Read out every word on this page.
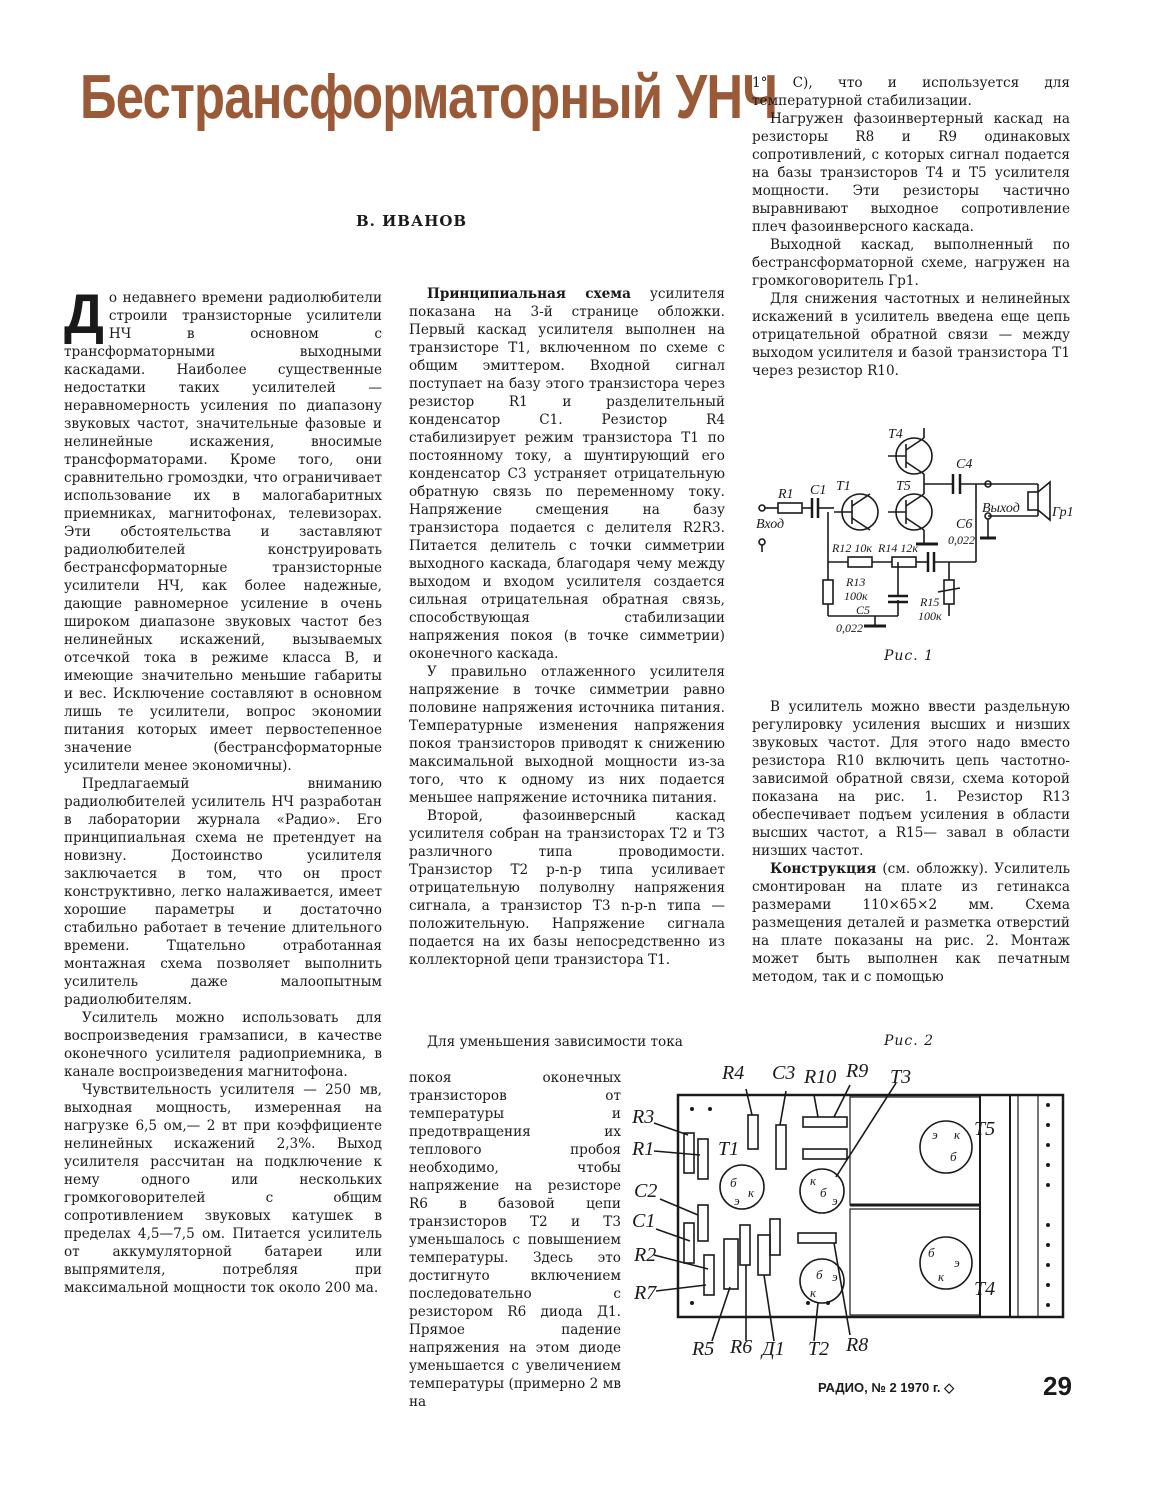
Бестрансформаторный УНЧ
В. ИВАНОВ

До недавнего времени радиолюбители строили транзисторные усилители НЧ в основном с трансформаторными выходными каскадами. Наиболее существенные недостатки таких усилителей — неравномерность усиления по диапазону звуковых частот, значительные фазовые и нелинейные искажения, вносимые трансформаторами. Кроме того, они сравнительно громоздки, что ограничивает использование их в малогабаритных приемниках, магнитофонах, телевизорах. Эти обстоятельства и заставляют радиолюбителей конструировать бестрансформаторные транзисторные усилители НЧ, как более надежные, дающие равномерное усиление в очень широком диапазоне звуковых частот без нелинейных искажений, вызываемых отсечкой тока в режиме класса В, и имеющие значительно меньшие габариты и вес. Исключение составляют в основном лишь те усилители, вопрос экономии питания которых имеет первостепенное значение (бестрансформаторные усилители менее экономичны).

Предлагаемый вниманию радиолюбителей усилитель НЧ разработан в лаборатории журнала «Радио». Его принципиальная схема не претендует на новизну. Достоинство усилителя заключается в том, что он прост конструктивно, легко налаживается, имеет хорошие параметры и достаточно стабильно работает в течение длительного времени. Тщательно отработанная монтажная схема позволяет выполнить усилитель даже малоопытным радиолюбителям.

Усилитель можно использовать для воспроизведения грамзаписи, в качестве оконечного усилителя радиоприемника, в канале воспроизведения магнитофона.

Чувствительность усилителя — 250 мв, выходная мощность, измеренная на нагрузке 6,5 ом,— 2 вт при коэффициенте нелинейных искажений 2,3%. Выход усилителя рассчитан на подключение к нему одного или нескольких громкоговорителей с общим сопротивлением звуковых катушек в пределах 4,5—7,5 ом. Питается усилитель от аккумуляторной батареи или выпрямителя, потребляя при максимальной мощности ток около 200 ма.

Принципиальная схема усилителя показана на 3-й странице обложки. Первый каскад усилителя выполнен на транзисторе T1, включенном по схеме с общим эмиттером. Входной сигнал поступает на базу этого транзистора через резистор R1 и разделительный конденсатор C1. Резистор R4 стабилизирует режим транзистора T1 по постоянному току, а шунтирующий его конденсатор C3 устраняет отрицательную обратную связь по переменному току. Напряжение смещения на базу транзистора подается с делителя R2R3. Питается делитель с точки симметрии выходного каскада, благодаря чему между выходом и входом усилителя создается сильная отрицательная обратная связь, способствующая стабилизации напряжения покоя (в точке симметрии) оконечного каскада.

У правильно отлаженного усилителя напряжение в точке симметрии равно половине напряжения источника питания. Температурные изменения напряжения покоя транзисторов приводят к снижению максимальной выходной мощности из-за того, что к одному из них подается меньшее напряжение источника питания.

Второй, фазоинверсный каскад усилителя собран на транзисторах T2 и T3 различного типа проводимости. Транзистор T2 p-n-p типа усиливает отрицательную полуволну напряжения сигнала, а транзистор T3 n-p-n типа — положительную. Напряжение сигнала подается на их базы непосредственно из коллекторной цепи транзистора T1.

Для уменьшения зависимости тока

покоя оконечных транзисторов от температуры и предотвращения их теплового пробоя необходимо, чтобы напряжение на резисторе R6 в базовой цепи транзисторов T2 и T3 уменьшалось с повышением температуры. Здесь это достигнуто включением последовательно с резистором R6 диода Д1. Прямое падение напряжения на этом диоде уменьшается с увеличением температуры (примерно 2 мв на

1° С), что и используется для температурной стабилизации.

Нагружен фазоинвертерный каскад на резисторы R8 и R9 одинаковых сопротивлений, с которых сигнал подается на базы транзисторов T4 и T5 усилителя мощности. Эти резисторы частично выравнивают выходное сопротивление плеч фазоинверсного каскада.

Выходной каскад, выполненный по бестрансформаторной схеме, нагружен на громкоговоритель Гр1.

Для снижения частотных и нелинейных искажений в усилитель введена еще цепь отрицательной обратной связи — между выходом усилителя и базой транзистора T1 через резистор R10.

В усилитель можно ввести раздельную регулировку усиления высших и низших звуковых частот. Для этого надо вместо резистора R10 включить цепь частотно-зависимой обратной связи, схема которой показана на рис. 1. Резистор R13 обеспечивает подъем усиления в области высших частот, а R15— завал в области низших частот.

Конструкция (см. обложку). Усилитель смонтирован на плате из гетинакса размерами 110×65×2 мм. Схема размещения деталей и разметка отверстий на плате показаны на рис. 2. Монтаж может быть выполнен как печатным методом, так и с помощью

T4
T5
T1
C4
R1 C1
Вход
Выход Гр1
C6
0,022
R12 10к R14 12к
R13
100к
C5
0,022
R15
100к
Рис. 1
Рис. 2
R4 C3 R10 R9 T3
R3
R1	T1
C2
C1
R2
R7
R5 R6 Д1 T2 R8
T5
T4
э к
б
б
э
к
б
к
э
к
б
э
б э
к
РАДИО, № 2 1970 г. ◇	29
